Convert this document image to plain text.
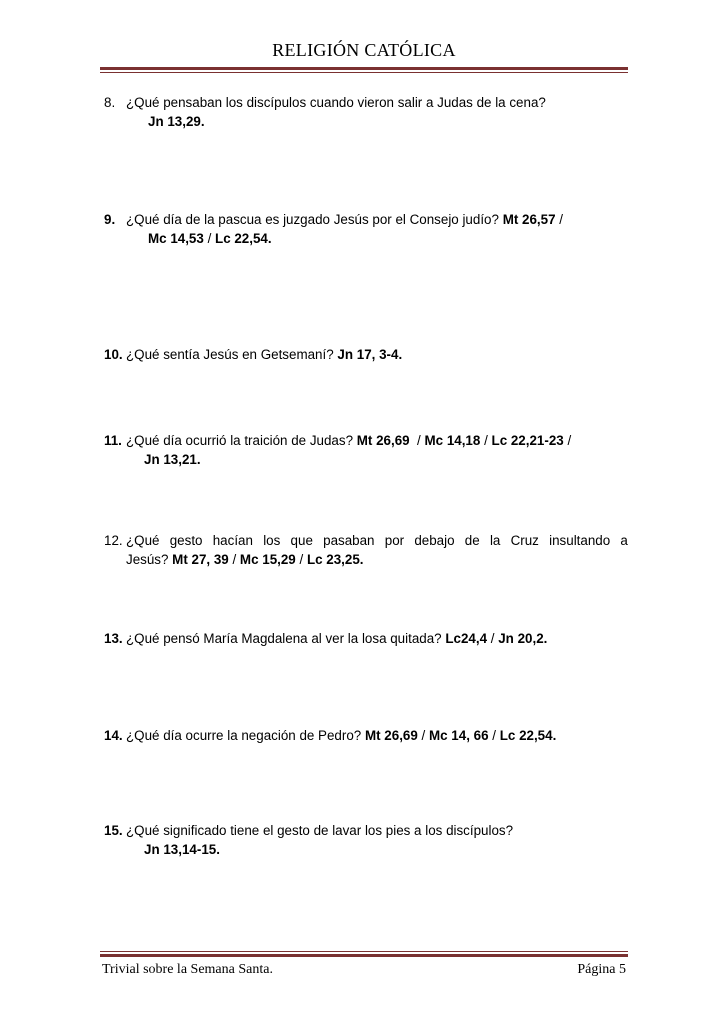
RELIGIÓN CATÓLICA
8. ¿Qué pensaban los discípulos cuando vieron salir a Judas de la cena?
Jn 13,29.
9. ¿Qué día de la pascua es juzgado Jesús por el Consejo judío? Mt 26,57 /
Mc 14,53 / Lc 22,54.
10. ¿Qué sentía Jesús en Getsemaní? Jn 17, 3-4.
11. ¿Qué día ocurrió la traición de Judas? Mt 26,69  / Mc 14,18 / Lc 22,21-23 /
Jn 13,21.
12. ¿Qué gesto hacían los que pasaban por debajo de la Cruz insultando a
Jesús? Mt 27, 39 / Mc 15,29 / Lc 23,25.
13. ¿Qué pensó María Magdalena al ver la losa quitada? Lc24,4 / Jn 20,2.
14. ¿Qué día ocurre la negación de Pedro? Mt 26,69 / Mc 14, 66 / Lc 22,54.
15. ¿Qué significado tiene el gesto de lavar los pies a los discípulos?
Jn 13,14-15.
Trivial sobre la Semana Santa.	Página 5
